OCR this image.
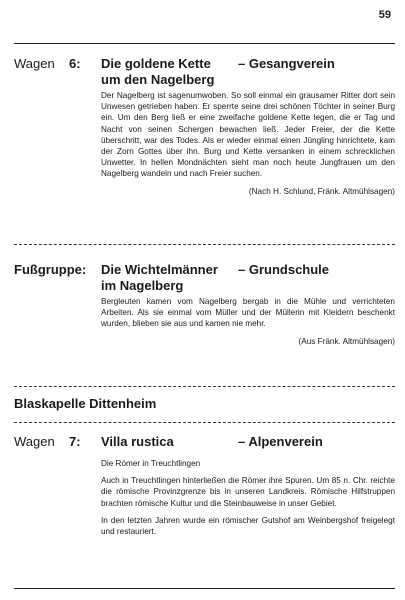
59
Wagen 6: Die goldene Kette
um den Nagelberg
– Gesangverein

Der Nagelberg ist sagenumwoben. So soll einmal ein grausamer Ritter dort sein Unwesen getrieben haben. Er sperrte seine drei schönen Töchter in seiner Burg ein. Um den Berg ließ er eine zweifache goldene Kette legen, die er Tag und Nacht von seinen Schergen bewachen ließ. Jeder Freier, der die Kette überschritt, war des Todes. Als er wieder einmal einen Jüngling hinrichtete, kam der Zorn Gottes über ihn. Burg und Kette versanken in einem schrecklichen Unwetter. In hellen Mondnächten sieht man noch heute Jungfrauen um den Nagelberg wandeln und nach Freier suchen.

(Nach H. Schlund, Fränk. Altmühlsagen)
Fußgruppe: Die Wichtelmänner
im Nagelberg
– Grundschule

Bergleuten kamen vom Nagelberg bergab in die Mühle und verrichteten Arbeiten. Als sie einmal vom Müller und der Müllerin mit Kleidern beschenkt wurden, blieben sie aus und kamen nie mehr.

(Aus Fränk. Altmühlsagen)
Blaskapelle Dittenheim
Wagen 7: Villa rustica	– Alpenverein

Die Römer in Treuchtlingen

Auch in Treuchtlingen hinterließen die Römer ihre Spuren. Um 85 n. Chr. reichte die römische Provinzgrenze bis in unseren Landkreis. Römische Hilfstruppen brachten römische Kultur und die Steinbauweise in unser Gebiet.

In den letzten Jahren wurde ein römischer Gutshof am Weinbergshof freigelegt und restauriert.
